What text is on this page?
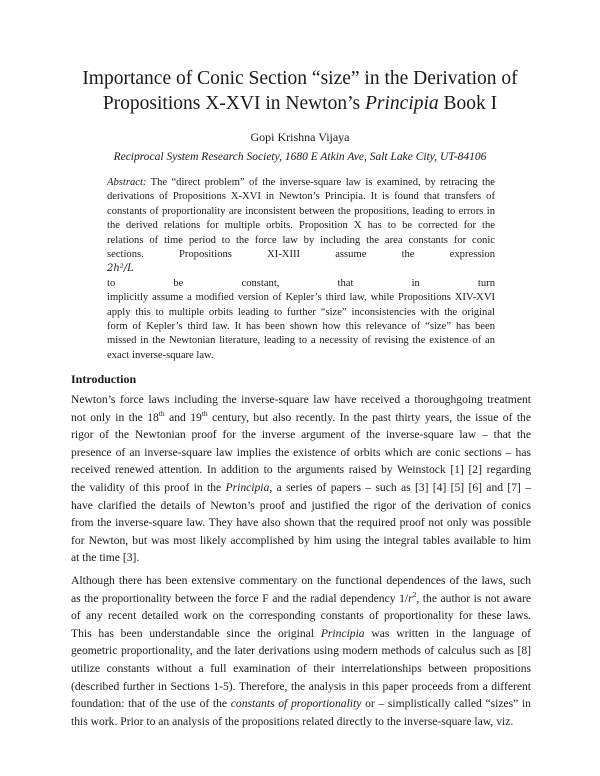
Importance of Conic Section “size” in the Derivation of
Propositions X-XVI in Newton’s Principia Book I
Gopi Krishna Vijaya
Reciprocal System Research Society, 1680 E Atkin Ave, Salt Lake City, UT-84106
Abstract: The “direct problem” of the inverse-square law is examined, by retracing the
derivations of Propositions X-XVI in Newton’s Principia. It is found that transfers of
constants of proportionality are inconsistent between the propositions, leading to errors in
the derived relations for multiple orbits. Proposition X has to be corrected for the
relations of time period to the force law by including the area constants for conic
sections. Propositions XI-XIII assume the expression
2h²/L
to be constant, that in turn
implicitly assume a modified version of Kepler’s third law, while Propositions XIV-XVI
apply this to multiple orbits leading to further “size” inconsistencies with the original
form of Kepler’s third law. It has been shown how this relevance of “size” has been
missed in the Newtonian literature, leading to a necessity of revising the existence of an
exact inverse-square law.
Introduction
Newton’s force laws including the inverse-square law have received a thoroughgoing treatment
not only in the 18th and 19th century, but also recently. In the past thirty years, the issue of the
rigor of the Newtonian proof for the inverse argument of the inverse-square law – that the
presence of an inverse-square law implies the existence of orbits which are conic sections – has
received renewed attention. In addition to the arguments raised by Weinstock [1] [2] regarding
the validity of this proof in the Principia, a series of papers – such as [3] [4] [5] [6] and [7] –
have clarified the details of Newton’s proof and justified the rigor of the derivation of conics
from the inverse-square law. They have also shown that the required proof not only was possible
for Newton, but was most likely accomplished by him using the integral tables available to him
at the time [3].
Although there has been extensive commentary on the functional dependences of the laws, such
as the proportionality between the force F and the radial dependency $1/r^2$, the author is not aware
of any recent detailed work on the corresponding constants of proportionality for these laws.
This has been understandable since the original Principia was written in the language of
geometric proportionality, and the later derivations using modern methods of calculus such as [8]
utilize constants without a full examination of their interrelationships between propositions
(described further in Sections 1-5). Therefore, the analysis in this paper proceeds from a different
foundation: that of the use of the constants of proportionality or – simplistically called “sizes” in
this work. Prior to an analysis of the propositions related directly to the inverse-square law, viz.
